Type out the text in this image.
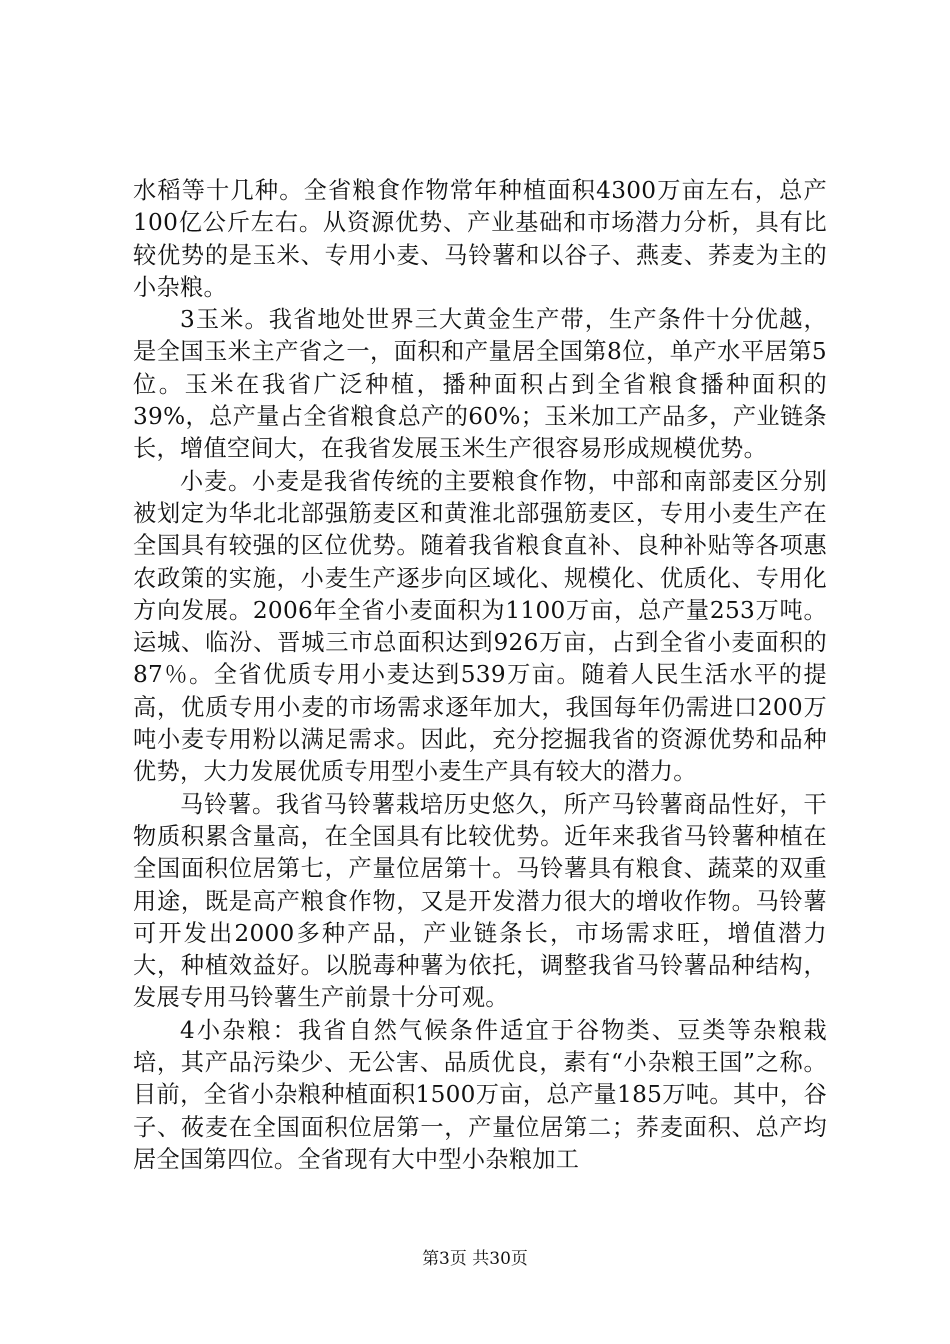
水稻等十几种。全省粮食作物常年种植面积4300万亩左右，总产100亿公斤左右。从资源优势、产业基础和市场潜力分析，具有比较优势的是玉米、专用小麦、马铃薯和以谷子、燕麦、荞麦为主的小杂粮。

3玉米。我省地处世界三大黄金生产带，生产条件十分优越，是全国玉米主产省之一，面积和产量居全国第8位，单产水平居第5位。玉米在我省广泛种植，播种面积占到全省粮食播种面积的39%，总产量占全省粮食总产的60%；玉米加工产品多，产业链条长，增值空间大，在我省发展玉米生产很容易形成规模优势。

小麦。小麦是我省传统的主要粮食作物，中部和南部麦区分别被划定为华北北部强筋麦区和黄淮北部强筋麦区，专用小麦生产在全国具有较强的区位优势。随着我省粮食直补、良种补贴等各项惠农政策的实施，小麦生产逐步向区域化、规模化、优质化、专用化方向发展。2006年全省小麦面积为1100万亩，总产量253万吨。运城、临汾、晋城三市总面积达到926万亩，占到全省小麦面积的87％。全省优质专用小麦达到539万亩。随着人民生活水平的提高，优质专用小麦的市场需求逐年加大，我国每年仍需进口200万吨小麦专用粉以满足需求。因此，充分挖掘我省的资源优势和品种优势，大力发展优质专用型小麦生产具有较大的潜力。

马铃薯。我省马铃薯栽培历史悠久，所产马铃薯商品性好，干物质积累含量高，在全国具有比较优势。近年来我省马铃薯种植在全国面积位居第七，产量位居第十。马铃薯具有粮食、蔬菜的双重用途，既是高产粮食作物，又是开发潜力很大的增收作物。马铃薯可开发出2000多种产品，产业链条长，市场需求旺，增值潜力大，种植效益好。以脱毒种薯为依托，调整我省马铃薯品种结构，发展专用马铃薯生产前景十分可观。

4小杂粮：我省自然气候条件适宜于谷物类、豆类等杂粮栽培，其产品污染少、无公害、品质优良，素有“小杂粮王国”之称。目前，全省小杂粮种植面积1500万亩，总产量185万吨。其中，谷子、莜麦在全国面积位居第一，产量位居第二；荞麦面积、总产均居全国第四位。全省现有大中型小杂粮加工

第3页 共30页
